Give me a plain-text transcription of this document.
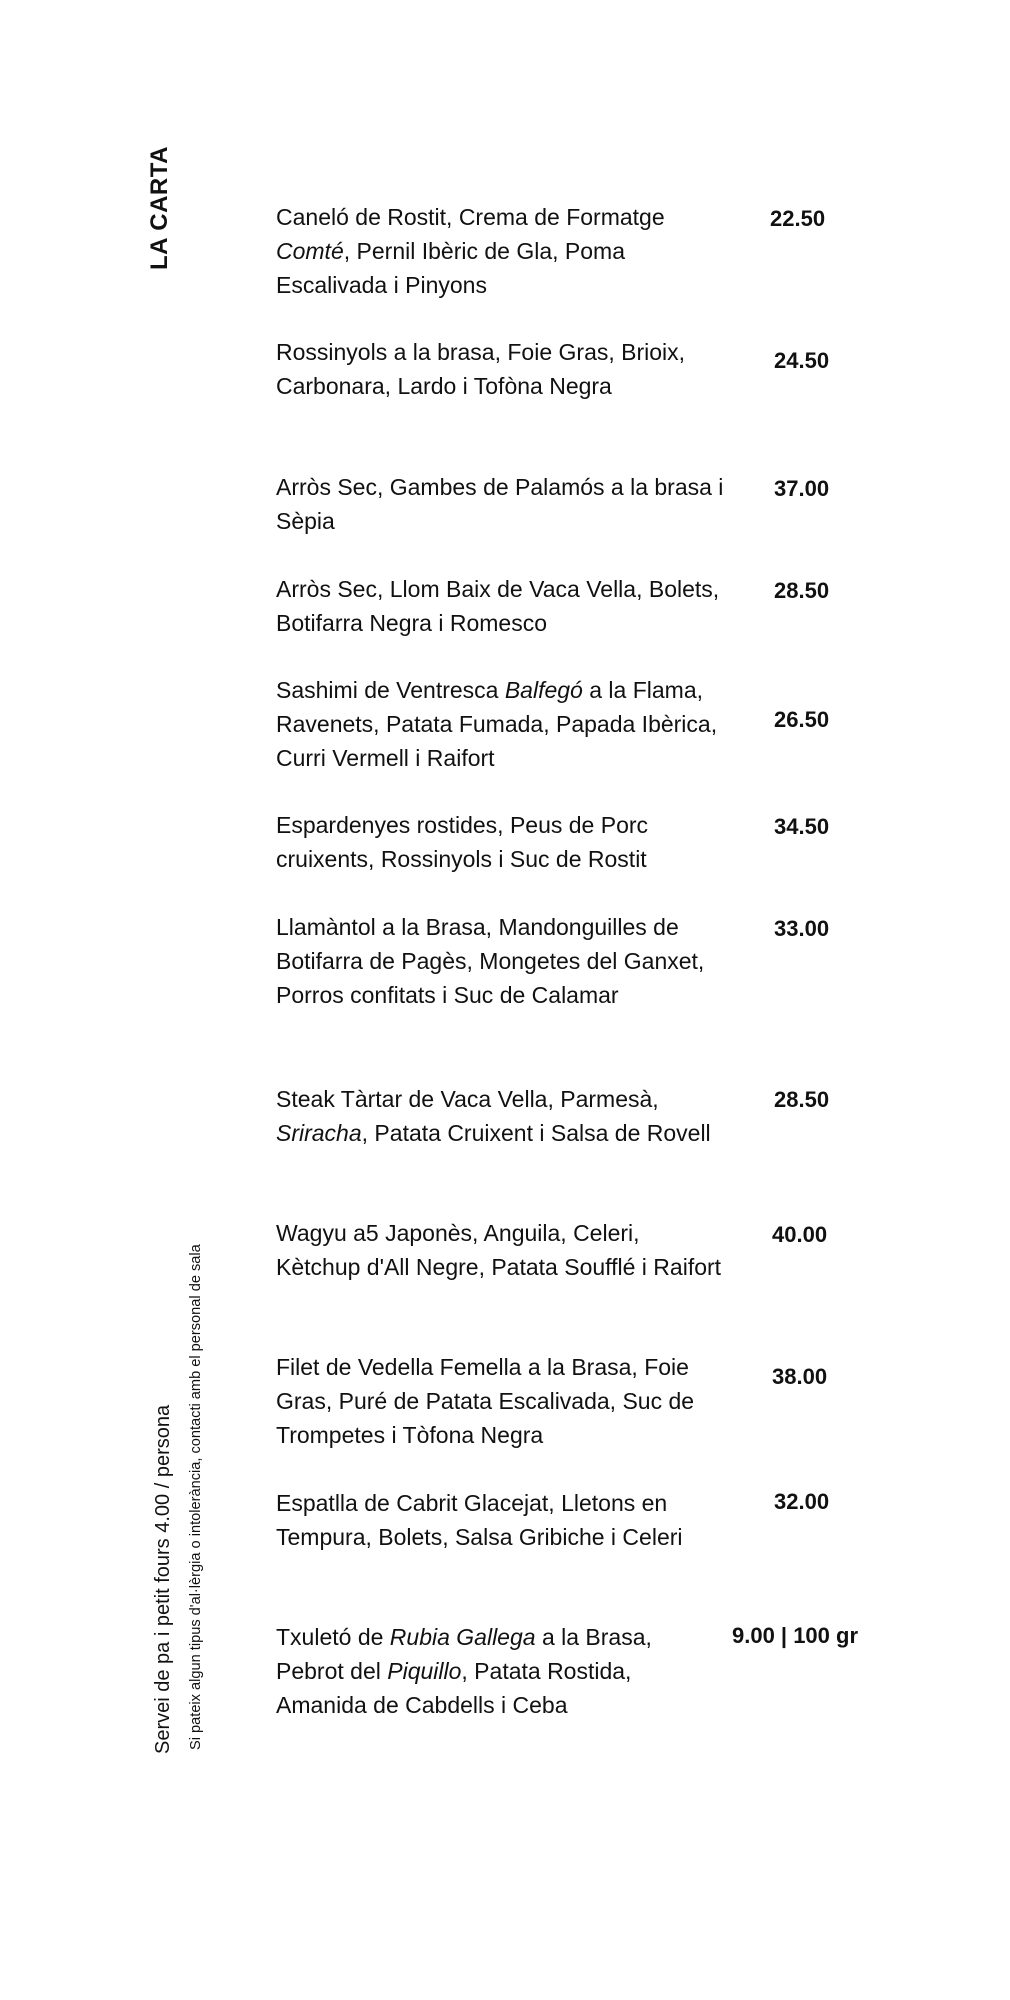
LA CARTA
Servei de pa i petit fours 4.00 / persona Si pateix algun tipus d'al·lèrgia o intolerància, contacti amb el personal de sala

Caneló de Rostit, Crema de Formatge Comté, Pernil Ibèric de Gla, Poma Escalivada i Pinyons

22.50

Rossinyols a la brasa, Foie Gras, Brioix, Carbonara, Lardo i Tofòna Negra

24.50

Arròs Sec, Gambes de Palamós a la brasa i Sèpia

37.00

Arròs Sec, Llom Baix de Vaca Vella, Bolets, Botifarra Negra i Romesco

28.50

Sashimi de Ventresca Balfegó a la Flama, Ravenets, Patata Fumada, Papada Ibèrica, Curri Vermell i Raifort

26.50

Espardenyes rostides, Peus de Porc cruixents, Rossinyols i Suc de Rostit

34.50

Llamàntol a la Brasa, Mandonguilles de Botifarra de Pagès, Mongetes del Ganxet, Porros confitats i Suc de Calamar

33.00

Steak Tàrtar de Vaca Vella, Parmesà, Sriracha, Patata Cruixent i Salsa de Rovell

28.50

Wagyu a5 Japonès, Anguila, Celeri, Kètchup d'All Negre, Patata Soufflé i Raifort

40.00

Filet de Vedella Femella a la Brasa, Foie Gras, Puré de Patata Escalivada, Suc de Trompetes i Tòfona Negra

38.00

Espatlla de Cabrit Glacejat, Lletons en Tempura, Bolets, Salsa Gribiche i Celeri

32.00

Txuletó de Rubia Gallega a la Brasa, Pebrot del Piquillo, Patata Rostida, Amanida de Cabdells i Ceba

9.00 | 100 gr
